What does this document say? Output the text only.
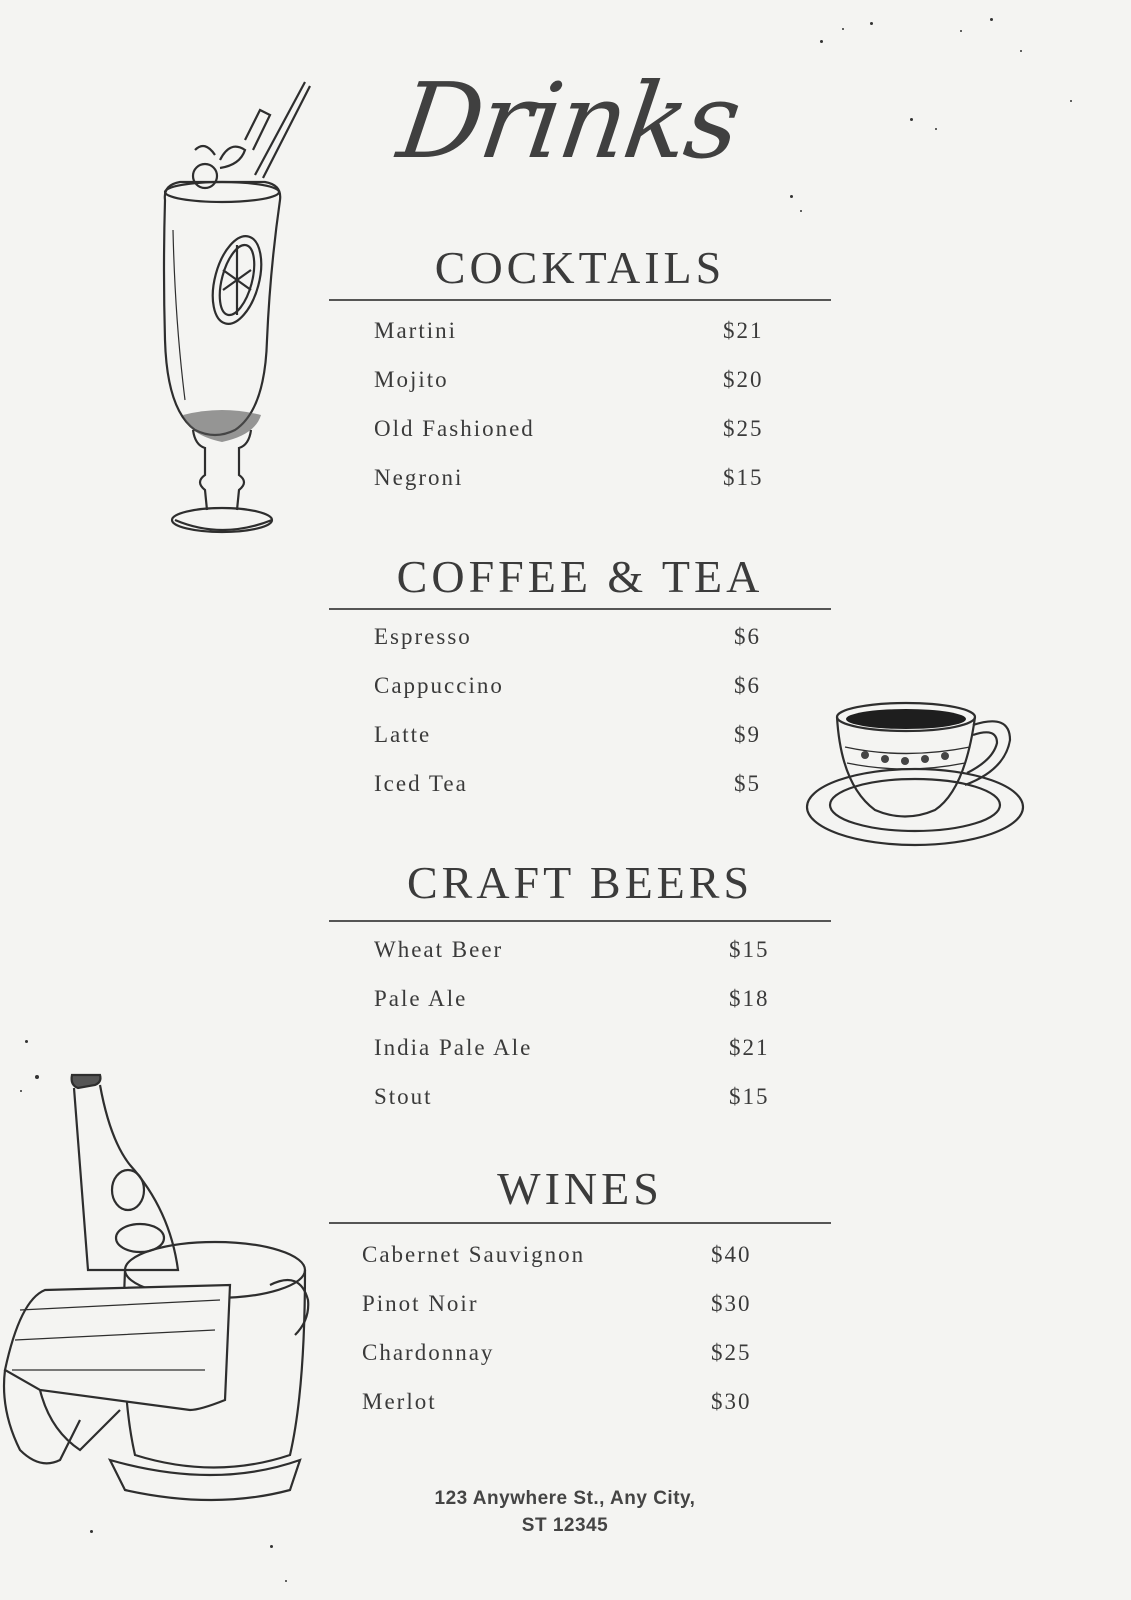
Drinks
COCKTAILS
Martini	$21
Mojito	$20
Old Fashioned	$25
Negroni	$15
COFFEE & TEA
Espresso	$6
Cappuccino	$6
Latte	$9
Iced Tea	$5
CRAFT BEERS
Wheat Beer	$15
Pale Ale	$18
India Pale Ale	$21
Stout	$15
WINES
Cabernet Sauvignon	$40
Pinot Noir	$30
Chardonnay	$25
Merlot	$30
123 Anywhere St., Any City,
ST 12345
